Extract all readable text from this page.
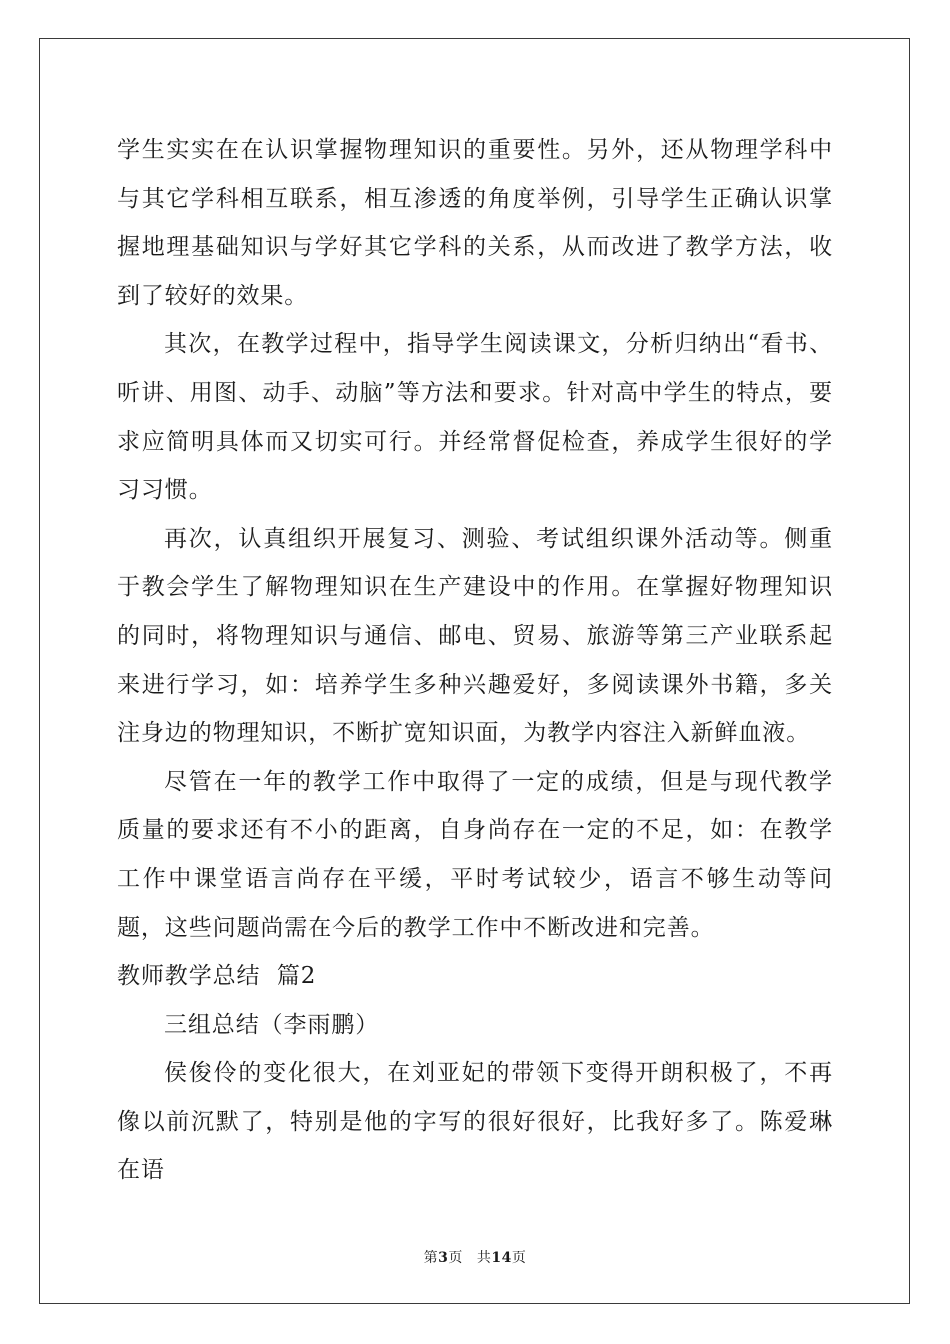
学生实实在在认识掌握物理知识的重要性。另外，还从物理学科中与其它学科相互联系，相互渗透的角度举例，引导学生正确认识掌握地理基础知识与学好其它学科的关系，从而改进了教学方法，收到了较好的效果。

其次，在教学过程中，指导学生阅读课文，分析归纳出“看书、听讲、用图、动手、动脑”等方法和要求。针对高中学生的特点，要求应简明具体而又切实可行。并经常督促检查，养成学生很好的学习习惯。

再次，认真组织开展复习、测验、考试组织课外活动等。侧重于教会学生了解物理知识在生产建设中的作用。在掌握好物理知识的同时，将物理知识与通信、邮电、贸易、旅游等第三产业联系起来进行学习，如：培养学生多种兴趣爱好，多阅读课外书籍，多关注身边的物理知识，不断扩宽知识面，为教学内容注入新鲜血液。

尽管在一年的教学工作中取得了一定的成绩，但是与现代教学质量的要求还有不小的距离，自身尚存在一定的不足，如：在教学工作中课堂语言尚存在平缓，平时考试较少，语言不够生动等问题，这些问题尚需在今后的教学工作中不断改进和完善。

教师教学总结  篇2

三组总结（李雨鹏）

侯俊伶的变化很大，在刘亚妃的带领下变得开朗积极了，不再像以前沉默了，特别是他的字写的很好很好，比我好多了。陈爱琳在语

第3页 共14页
